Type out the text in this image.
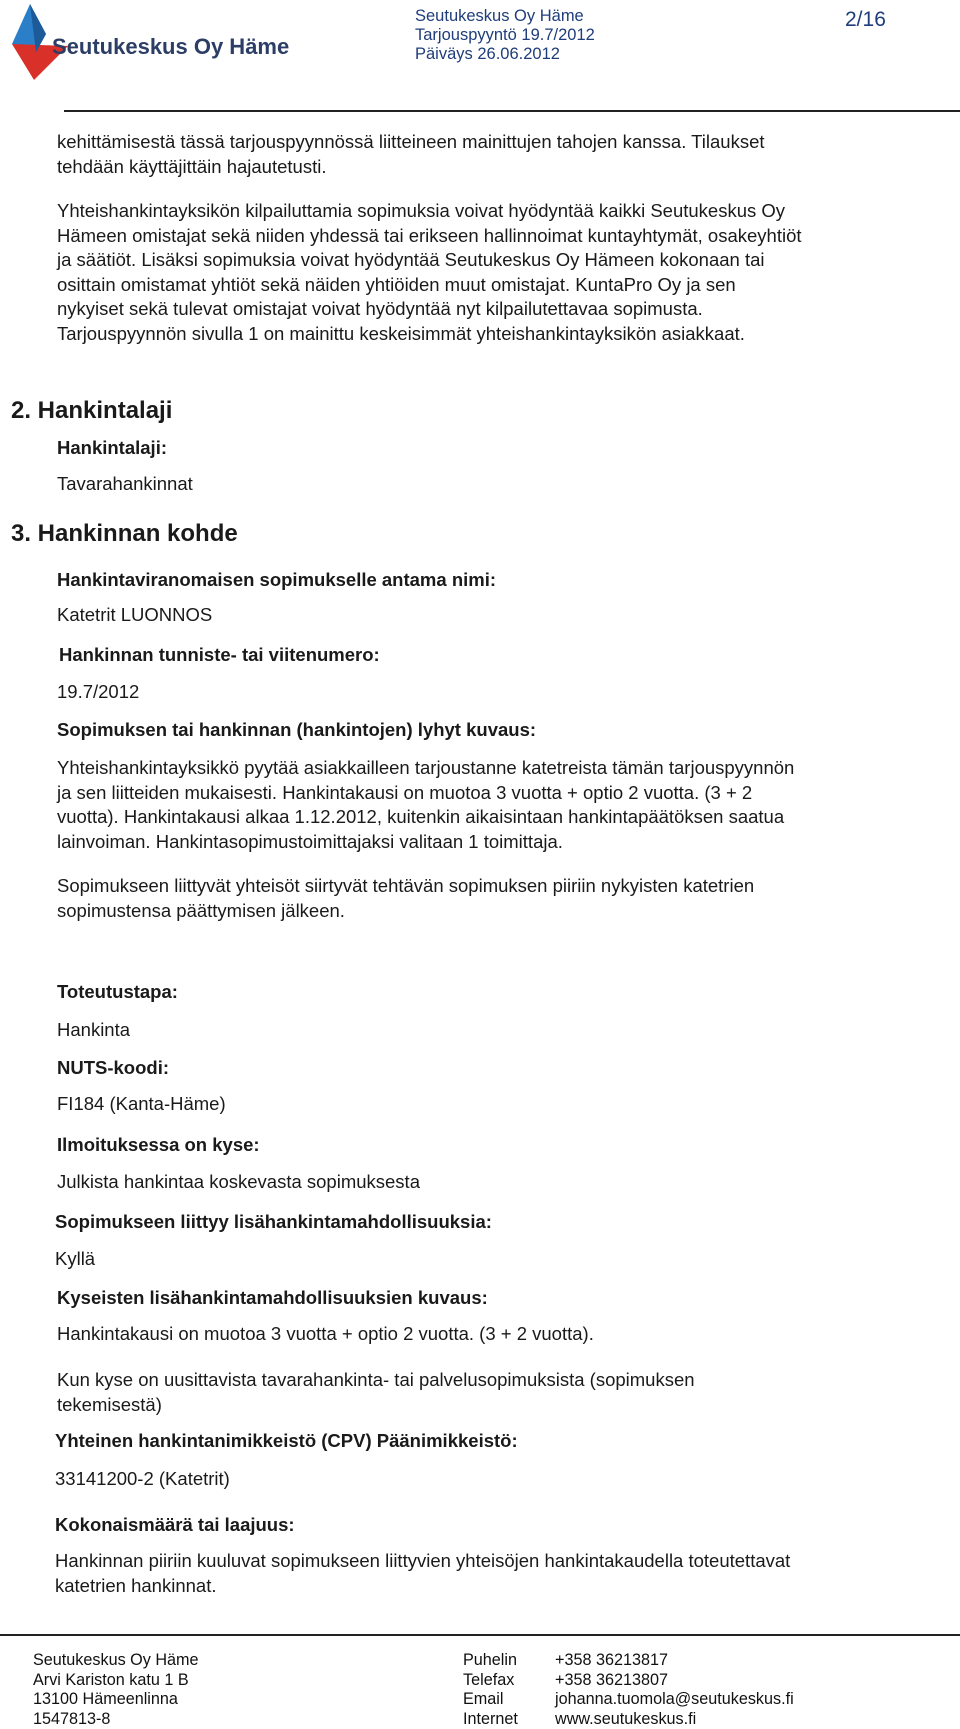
Seutukeskus Oy Häme
Seutukeskus Oy Häme
Tarjouspyyntö 19.7/2012
Päiväys 26.06.2012
2/16
kehittämisestä tässä tarjouspyynnössä liitteineen mainittujen tahojen kanssa. Tilaukset
tehdään käyttäjittäin hajautetusti.
Yhteishankintayksikön kilpailuttamia sopimuksia voivat hyödyntää kaikki Seutukeskus Oy
Hämeen omistajat sekä niiden yhdessä tai erikseen hallinnoimat kuntayhtymät, osakeyhtiöt
ja säätiöt. Lisäksi sopimuksia voivat hyödyntää Seutukeskus Oy Hämeen kokonaan tai
osittain omistamat yhtiöt sekä näiden yhtiöiden muut omistajat. KuntaPro Oy ja sen
nykyiset sekä tulevat omistajat voivat hyödyntää nyt kilpailutettavaa sopimusta.
Tarjouspyynnön sivulla 1 on mainittu keskeisimmät yhteishankintayksikön asiakkaat.
2. Hankintalaji
Hankintalaji:
Tavarahankinnat
3. Hankinnan kohde
Hankintaviranomaisen sopimukselle antama nimi:
Katetrit LUONNOS
Hankinnan tunniste- tai viitenumero:
19.7/2012
Sopimuksen tai hankinnan (hankintojen) lyhyt kuvaus:
Yhteishankintayksikkö pyytää asiakkailleen tarjoustanne katetreista tämän tarjouspyynnön
ja sen liitteiden mukaisesti. Hankintakausi on muotoa 3 vuotta + optio 2 vuotta. (3 + 2
vuotta). Hankintakausi alkaa 1.12.2012, kuitenkin aikaisintaan hankintapäätöksen saatua
lainvoiman. Hankintasopimustoimittajaksi valitaan 1 toimittaja.
Sopimukseen liittyvät yhteisöt siirtyvät tehtävän sopimuksen piiriin nykyisten katetrien
sopimustensa päättymisen jälkeen.
Toteutustapa:
Hankinta
NUTS-koodi:
FI184 (Kanta-Häme)
Ilmoituksessa on kyse:
Julkista hankintaa koskevasta sopimuksesta
Sopimukseen liittyy lisähankintamahdollisuuksia:
Kyllä
Kyseisten lisähankintamahdollisuuksien kuvaus:
Hankintakausi on muotoa 3 vuotta + optio 2 vuotta. (3 + 2 vuotta).
Kun kyse on uusittavista tavarahankinta- tai palvelusopimuksista (sopimuksen
tekemisestä)
Yhteinen hankintanimikkeistö (CPV) Päänimikkeistö:
33141200-2 (Katetrit)
Kokonaismäärä tai laajuus:
Hankinnan piiriin kuuluvat sopimukseen liittyvien yhteisöjen hankintakaudella toteutettavat
katetrien hankinnat.
Seutukeskus Oy Häme
Arvi Kariston katu 1 B
13100 Hämeenlinna
1547813-8
Puhelin
Telefax
Email
Internet
+358 36213817
+358 36213807
johanna.tuomola@seutukeskus.fi
www.seutukeskus.fi
